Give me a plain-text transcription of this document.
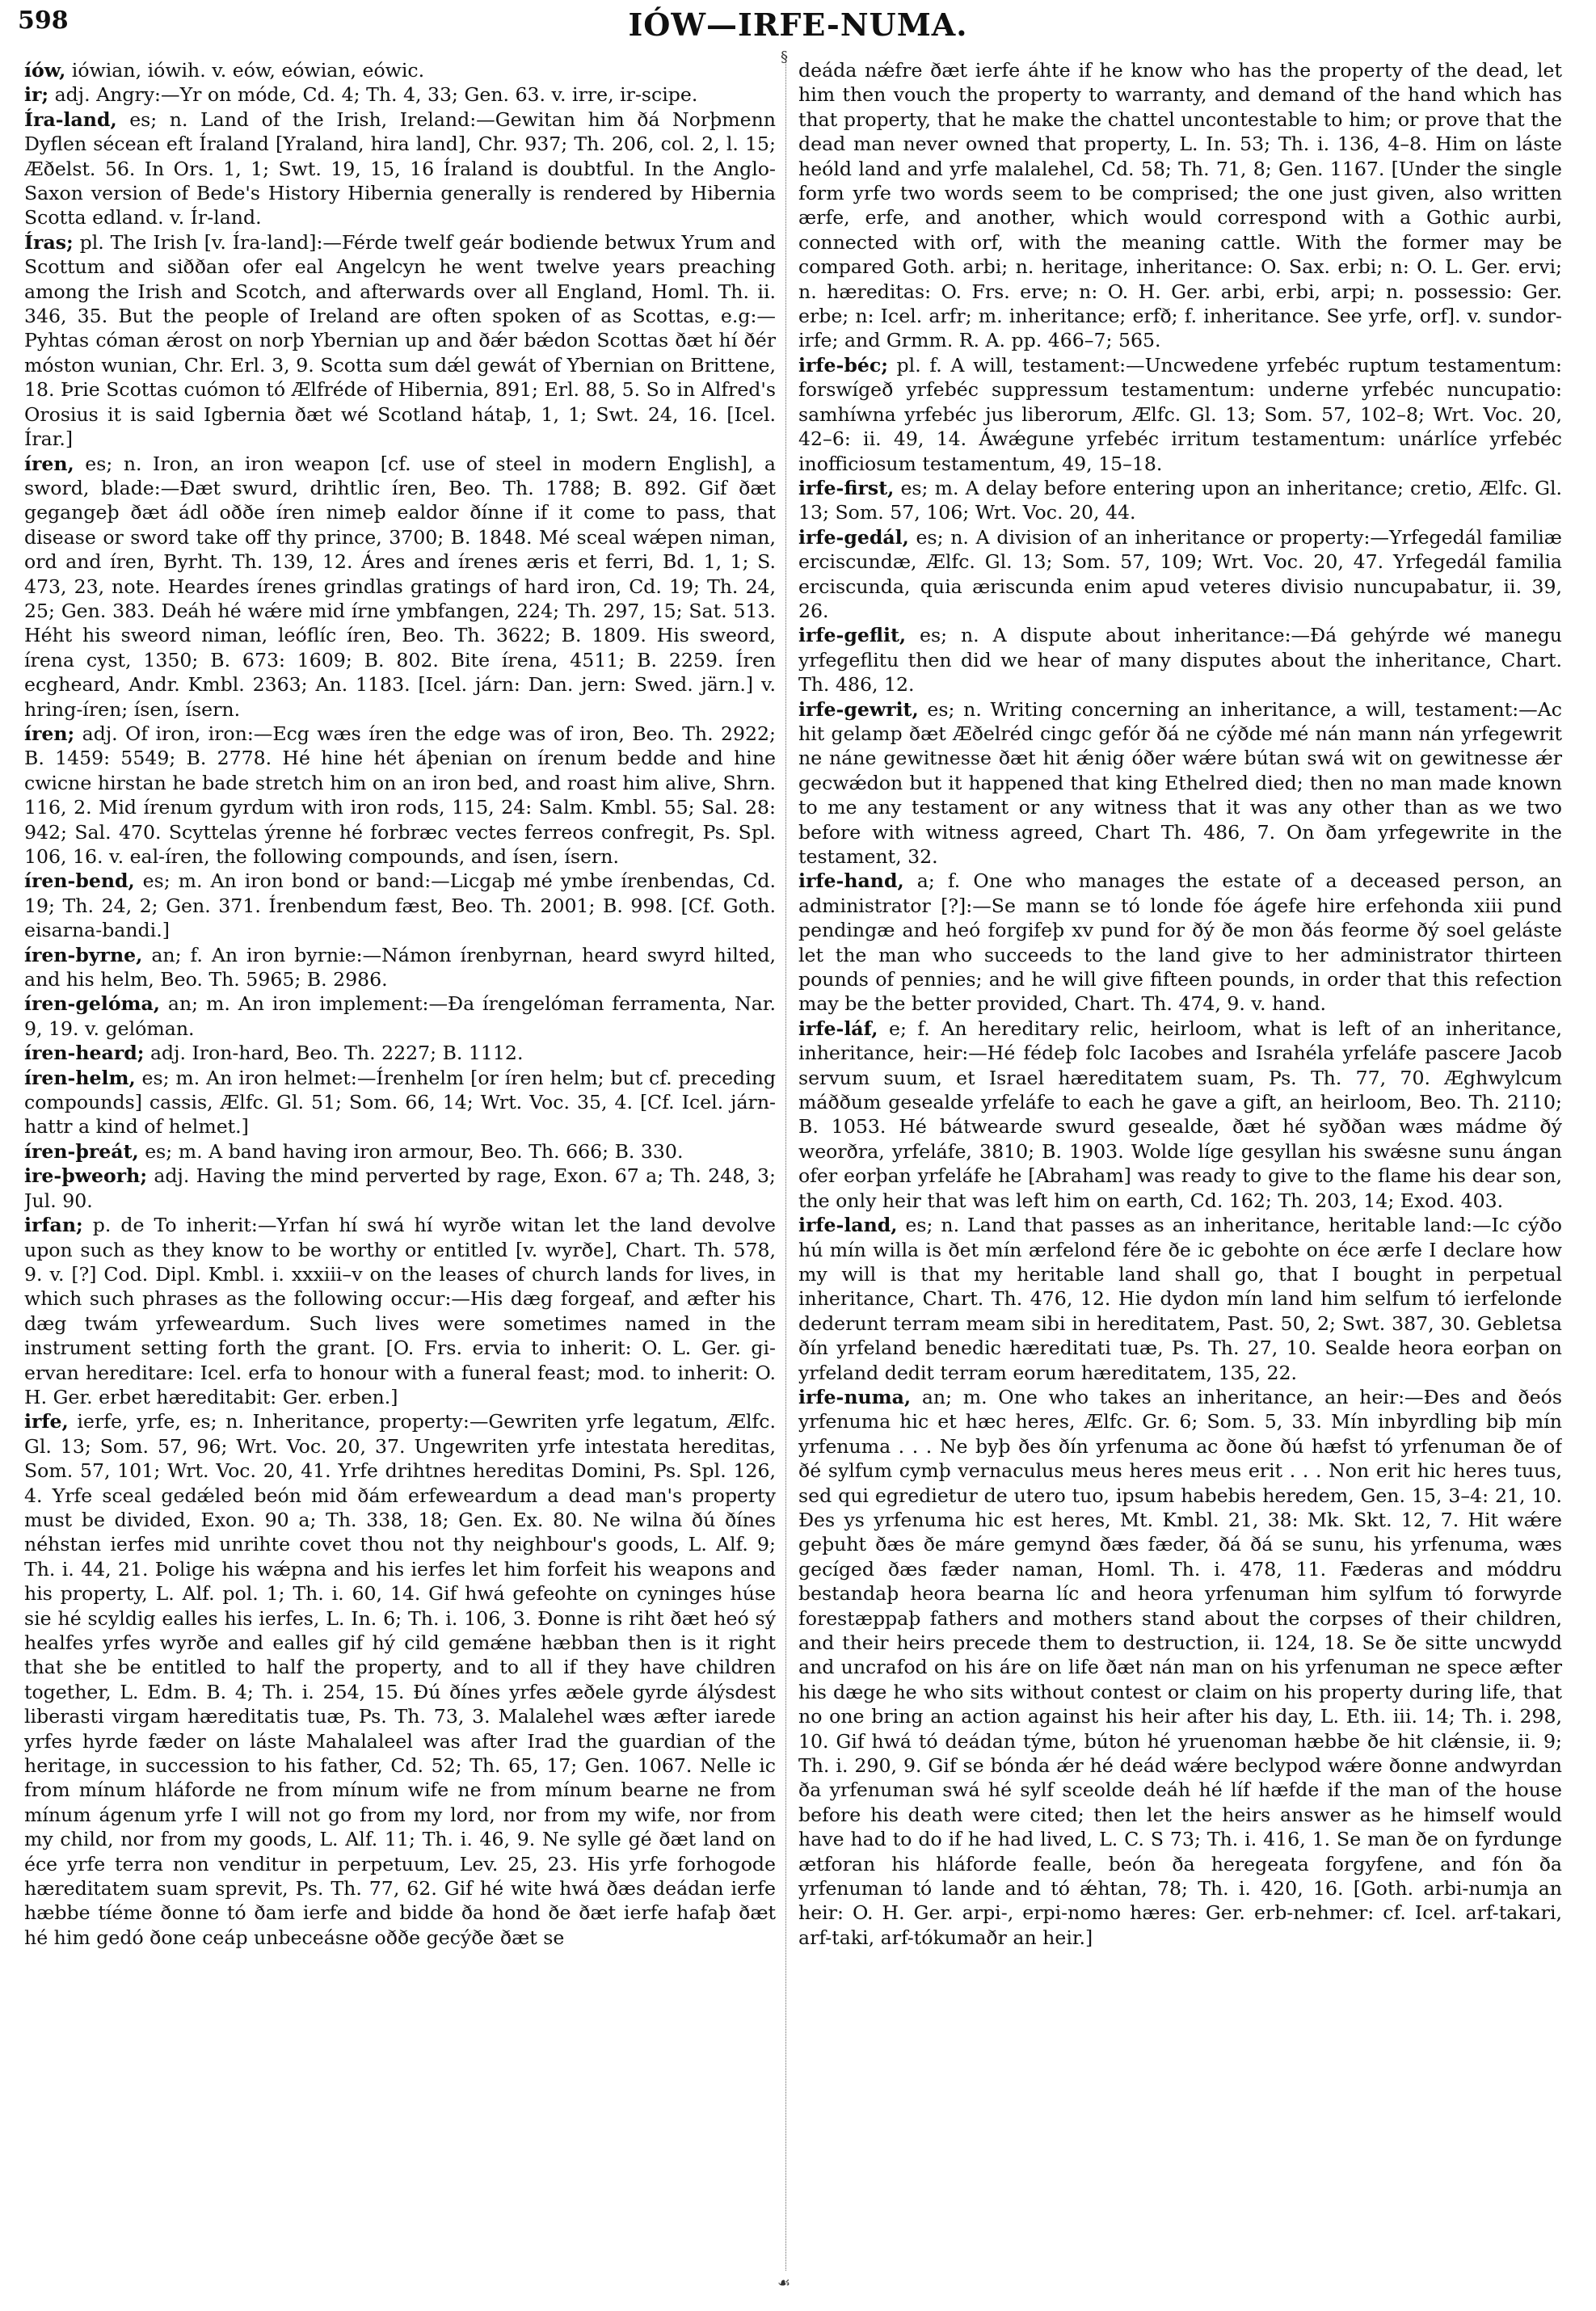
598	IÓW—IRFE-NUMA.
§
☙

íów, iówian, iówih. v. eów, eówian, eówic.

ir; adj. Angry:—Yr on móde, Cd. 4; Th. 4, 33; Gen. 63. v. irre, ir-scipe.

Íra-land, es; n. Land of the Irish, Ireland:—Gewitan him ðá Norþmenn Dyflen sécean eft Íraland [Yraland, hira land], Chr. 937; Th. 206, col. 2, l. 15; Æðelst. 56. In Ors. 1, 1; Swt. 19, 15, 16 Íraland is doubtful. In the Anglo-Saxon version of Bede's History Hibernia generally is rendered by Hibernia Scotta edland. v. Ír-land.

Íras; pl. The Irish [v. Íra-land]:—Férde twelf geár bodiende betwux Yrum and Scottum and siððan ofer eal Angelcyn he went twelve years preaching among the Irish and Scotch, and afterwards over all England, Homl. Th. ii. 346, 35. But the people of Ireland are often spoken of as Scottas, e.g:—Pyhtas cóman ǽrost on norþ Ybernian up and ðǽr bǽdon Scottas ðæt hí ðér móston wunian, Chr. Erl. 3, 9. Scotta sum dǽl gewát of Ybernian on Brittene, 18. Þrie Scottas cuómon tó Ælfréde of Hibernia, 891; Erl. 88, 5. So in Alfred's Orosius it is said Igbernia ðæt wé Scotland hátaþ, 1, 1; Swt. 24, 16. [Icel. Írar.]

íren, es; n. Iron, an iron weapon [cf. use of steel in modern English], a sword, blade:—Ðæt swurd, drihtlic íren, Beo. Th. 1788; B. 892. Gif ðæt gegangeþ ðæt ádl oððe íren nimeþ ealdor ðínne if it come to pass, that disease or sword take off thy prince, 3700; B. 1848. Mé sceal wǽpen niman, ord and íren, Byrht. Th. 139, 12. Áres and írenes æris et ferri, Bd. 1, 1; S. 473, 23, note. Heardes írenes grindlas gratings of hard iron, Cd. 19; Th. 24, 25; Gen. 383. Deáh hé wǽre mid írne ymbfangen, 224; Th. 297, 15; Sat. 513. Héht his sweord niman, leóflíc íren, Beo. Th. 3622; B. 1809. His sweord, írena cyst, 1350; B. 673: 1609; B. 802. Bite írena, 4511; B. 2259. Íren ecgheard, Andr. Kmbl. 2363; An. 1183. [Icel. járn: Dan. jern: Swed. järn.] v. hring-íren; ísen, ísern.

íren; adj. Of iron, iron:—Ecg wæs íren the edge was of iron, Beo. Th. 2922; B. 1459: 5549; B. 2778. Hé hine hét áþenian on írenum bedde and hine cwicne hirstan he bade stretch him on an iron bed, and roast him alive, Shrn. 116, 2. Mid írenum gyrdum with iron rods, 115, 24: Salm. Kmbl. 55; Sal. 28: 942; Sal. 470. Scyttelas ýrenne hé forbræc vectes ferreos confregit, Ps. Spl. 106, 16. v. eal-íren, the following compounds, and ísen, ísern.

íren-bend, es; m. An iron bond or band:—Licgaþ mé ymbe írenbendas, Cd. 19; Th. 24, 2; Gen. 371. Írenbendum fæst, Beo. Th. 2001; B. 998. [Cf. Goth. eisarna-bandi.]

íren-byrne, an; f. An iron byrnie:—Námon írenbyrnan, heard swyrd hilted, and his helm, Beo. Th. 5965; B. 2986.

íren-gelóma, an; m. An iron implement:—Ða írengelóman ferramenta, Nar. 9, 19. v. gelóman.

íren-heard; adj. Iron-hard, Beo. Th. 2227; B. 1112.

íren-helm, es; m. An iron helmet:—Írenhelm [or íren helm; but cf. preceding compounds] cassis, Ælfc. Gl. 51; Som. 66, 14; Wrt. Voc. 35, 4. [Cf. Icel. járn-hattr a kind of helmet.]

íren-þreát, es; m. A band having iron armour, Beo. Th. 666; B. 330.

ire-þweorh; adj. Having the mind perverted by rage, Exon. 67 a; Th. 248, 3; Jul. 90.

irfan; p. de To inherit:—Yrfan hí swá hí wyrðe witan let the land devolve upon such as they know to be worthy or entitled [v. wyrðe], Chart. Th. 578, 9. v. [?] Cod. Dipl. Kmbl. i. xxxiii–v on the leases of church lands for lives, in which such phrases as the following occur:—His dæg forgeaf, and æfter his dæg twám yrfeweardum. Such lives were sometimes named in the instrument setting forth the grant. [O. Frs. ervia to inherit: O. L. Ger. gi-ervan hereditare: Icel. erfa to honour with a funeral feast; mod. to inherit: O. H. Ger. erbet hæreditabit: Ger. erben.]

irfe, ierfe, yrfe, es; n. Inheritance, property:—Gewriten yrfe legatum, Ælfc. Gl. 13; Som. 57, 96; Wrt. Voc. 20, 37. Ungewriten yrfe intestata hereditas, Som. 57, 101; Wrt. Voc. 20, 41. Yrfe drihtnes hereditas Domini, Ps. Spl. 126, 4. Yrfe sceal gedǽled beón mid ðám erfeweardum a dead man's property must be divided, Exon. 90 a; Th. 338, 18; Gen. Ex. 80. Ne wilna ðú ðínes néhstan ierfes mid unrihte covet thou not thy neighbour's goods, L. Alf. 9; Th. i. 44, 21. Þolige his wǽpna and his ierfes let him forfeit his weapons and his property, L. Alf. pol. 1; Th. i. 60, 14. Gif hwá gefeohte on cyninges húse sie hé scyldig ealles his ierfes, L. In. 6; Th. i. 106, 3. Ðonne is riht ðæt heó sý healfes yrfes wyrðe and ealles gif hý cild gemǽne hæbban then is it right that she be entitled to half the property, and to all if they have children together, L. Edm. B. 4; Th. i. 254, 15. Ðú ðínes yrfes æðele gyrde álýsdest liberasti virgam hæreditatis tuæ, Ps. Th. 73, 3. Malalehel wæs æfter iarede yrfes hyrde fæder on láste Mahalaleel was after Irad the guardian of the heritage, in succession to his father, Cd. 52; Th. 65, 17; Gen. 1067. Nelle ic from mínum hláforde ne from mínum wife ne from mínum bearne ne from mínum ágenum yrfe I will not go from my lord, nor from my wife, nor from my child, nor from my goods, L. Alf. 11; Th. i. 46, 9. Ne sylle gé ðæt land on éce yrfe terra non venditur in perpetuum, Lev. 25, 23. His yrfe forhogode hæreditatem suam sprevit, Ps. Th. 77, 62. Gif hé wite hwá ðæs deádan ierfe hæbbe tíéme ðonne tó ðam ierfe and bidde ða hond ðe ðæt ierfe hafaþ ðæt hé him gedó ðone ceáp unbeceásne oððe gecýðe ðæt se

deáda nǽfre ðæt ierfe áhte if he know who has the property of the dead, let him then vouch the property to warranty, and demand of the hand which has that property, that he make the chattel uncontestable to him; or prove that the dead man never owned that property, L. In. 53; Th. i. 136, 4–8. Him on láste heóld land and yrfe malalehel, Cd. 58; Th. 71, 8; Gen. 1167. [Under the single form yrfe two words seem to be comprised; the one just given, also written ærfe, erfe, and another, which would correspond with a Gothic aurbi, connected with orf, with the meaning cattle. With the former may be compared Goth. arbi; n. heritage, inheritance: O. Sax. erbi; n: O. L. Ger. ervi; n. hæreditas: O. Frs. erve; n: O. H. Ger. arbi, erbi, arpi; n. possessio: Ger. erbe; n: Icel. arfr; m. inheritance; erfð; f. inheritance. See yrfe, orf]. v. sundor-irfe; and Grmm. R. A. pp. 466–7; 565.

irfe-béc; pl. f. A will, testament:—Uncwedene yrfebéc ruptum testamentum: forswígeð yrfebéc suppressum testamentum: underne yrfebéc nuncupatio: samhíwna yrfebéc jus liberorum, Ælfc. Gl. 13; Som. 57, 102–8; Wrt. Voc. 20, 42–6: ii. 49, 14. Áwǽgune yrfebéc irritum testamentum: unárlíce yrfebéc inofficiosum testamentum, 49, 15–18.

irfe-first, es; m. A delay before entering upon an inheritance; cretio, Ælfc. Gl. 13; Som. 57, 106; Wrt. Voc. 20, 44.

irfe-gedál, es; n. A division of an inheritance or property:—Yrfegedál familiæ erciscundæ, Ælfc. Gl. 13; Som. 57, 109; Wrt. Voc. 20, 47. Yrfegedál familia erciscunda, quia æriscunda enim apud veteres divisio nuncupabatur, ii. 39, 26.

irfe-geflit, es; n. A dispute about inheritance:—Ðá gehýrde wé manegu yrfegeflitu then did we hear of many disputes about the inheritance, Chart. Th. 486, 12.

irfe-gewrit, es; n. Writing concerning an inheritance, a will, testament:—Ac hit gelamp ðæt Æðelréd cingc gefór ðá ne cýðde mé nán mann nán yrfegewrit ne náne gewitnesse ðæt hit ǽnig óðer wǽre bútan swá wit on gewitnesse ǽr gecwǽdon but it happened that king Ethelred died; then no man made known to me any testament or any witness that it was any other than as we two before with witness agreed, Chart Th. 486, 7. On ðam yrfegewrite in the testament, 32.

irfe-hand, a; f. One who manages the estate of a deceased person, an administrator [?]:—Se mann se tó londe fóe ágefe hire erfehonda xiii pund pendingæ and heó forgifeþ xv pund for ðý ðe mon ðás feorme ðý soel geláste let the man who succeeds to the land give to her administrator thirteen pounds of pennies; and he will give fifteen pounds, in order that this refection may be the better provided, Chart. Th. 474, 9. v. hand.

irfe-láf, e; f. An hereditary relic, heirloom, what is left of an inheritance, inheritance, heir:—Hé fédeþ folc Iacobes and Israhéla yrfeláfe pascere Jacob servum suum, et Israel hæreditatem suam, Ps. Th. 77, 70. Æghwylcum máððum gesealde yrfeláfe to each he gave a gift, an heirloom, Beo. Th. 2110; B. 1053. Hé bátwearde swurd gesealde, ðæt hé syððan wæs mádme ðý weorðra, yrfeláfe, 3810; B. 1903. Wolde líge gesyllan his swǽsne sunu ángan ofer eorþan yrfeláfe he [Abraham] was ready to give to the flame his dear son, the only heir that was left him on earth, Cd. 162; Th. 203, 14; Exod. 403.

irfe-land, es; n. Land that passes as an inheritance, heritable land:—Ic cýðo hú mín willa is ðet mín ærfelond fére ðe ic gebohte on éce ærfe I declare how my will is that my heritable land shall go, that I bought in perpetual inheritance, Chart. Th. 476, 12. Hie dydon mín land him selfum tó ierfelonde dederunt terram meam sibi in hereditatem, Past. 50, 2; Swt. 387, 30. Gebletsa ðín yrfeland benedic hæreditati tuæ, Ps. Th. 27, 10. Sealde heora eorþan on yrfeland dedit terram eorum hæreditatem, 135, 22.

irfe-numa, an; m. One who takes an inheritance, an heir:—Ðes and ðeós yrfenuma hic et hæc heres, Ælfc. Gr. 6; Som. 5, 33. Mín inbyrdling biþ mín yrfenuma . . . Ne byþ ðes ðín yrfenuma ac ðone ðú hæfst tó yrfenuman ðe of ðé sylfum cymþ vernaculus meus heres meus erit . . . Non erit hic heres tuus, sed qui egredietur de utero tuo, ipsum habebis heredem, Gen. 15, 3–4: 21, 10. Ðes ys yrfenuma hic est heres, Mt. Kmbl. 21, 38: Mk. Skt. 12, 7. Hit wǽre geþuht ðæs ðe máre gemynd ðæs fæder, ðá ðá se sunu, his yrfenuma, wæs gecíged ðæs fæder naman, Homl. Th. i. 478, 11. Fæderas and móddru bestandaþ heora bearna líc and heora yrfenuman him sylfum tó forwyrde forestæppaþ fathers and mothers stand about the corpses of their children, and their heirs precede them to destruction, ii. 124, 18. Se ðe sitte uncwydd and uncrafod on his áre on life ðæt nán man on his yrfenuman ne spece æfter his dæge he who sits without contest or claim on his property during life, that no one bring an action against his heir after his day, L. Eth. iii. 14; Th. i. 298, 10. Gif hwá tó deádan týme, búton hé yruenoman hæbbe ðe hit clǽnsie, ii. 9; Th. i. 290, 9. Gif se bónda ǽr hé deád wǽre beclypod wǽre ðonne andwyrdan ða yrfenuman swá hé sylf sceolde deáh hé líf hæfde if the man of the house before his death were cited; then let the heirs answer as he himself would have had to do if he had lived, L. C. S 73; Th. i. 416, 1. Se man ðe on fyrdunge ætforan his hláforde fealle, beón ða heregeata forgyfene, and fón ða yrfenuman tó lande and tó ǽhtan, 78; Th. i. 420, 16. [Goth. arbi-numja an heir: O. H. Ger. arpi-, erpi-nomo hæres: Ger. erb-nehmer: cf. Icel. arf-takari, arf-taki, arf-tókumaðr an heir.]
